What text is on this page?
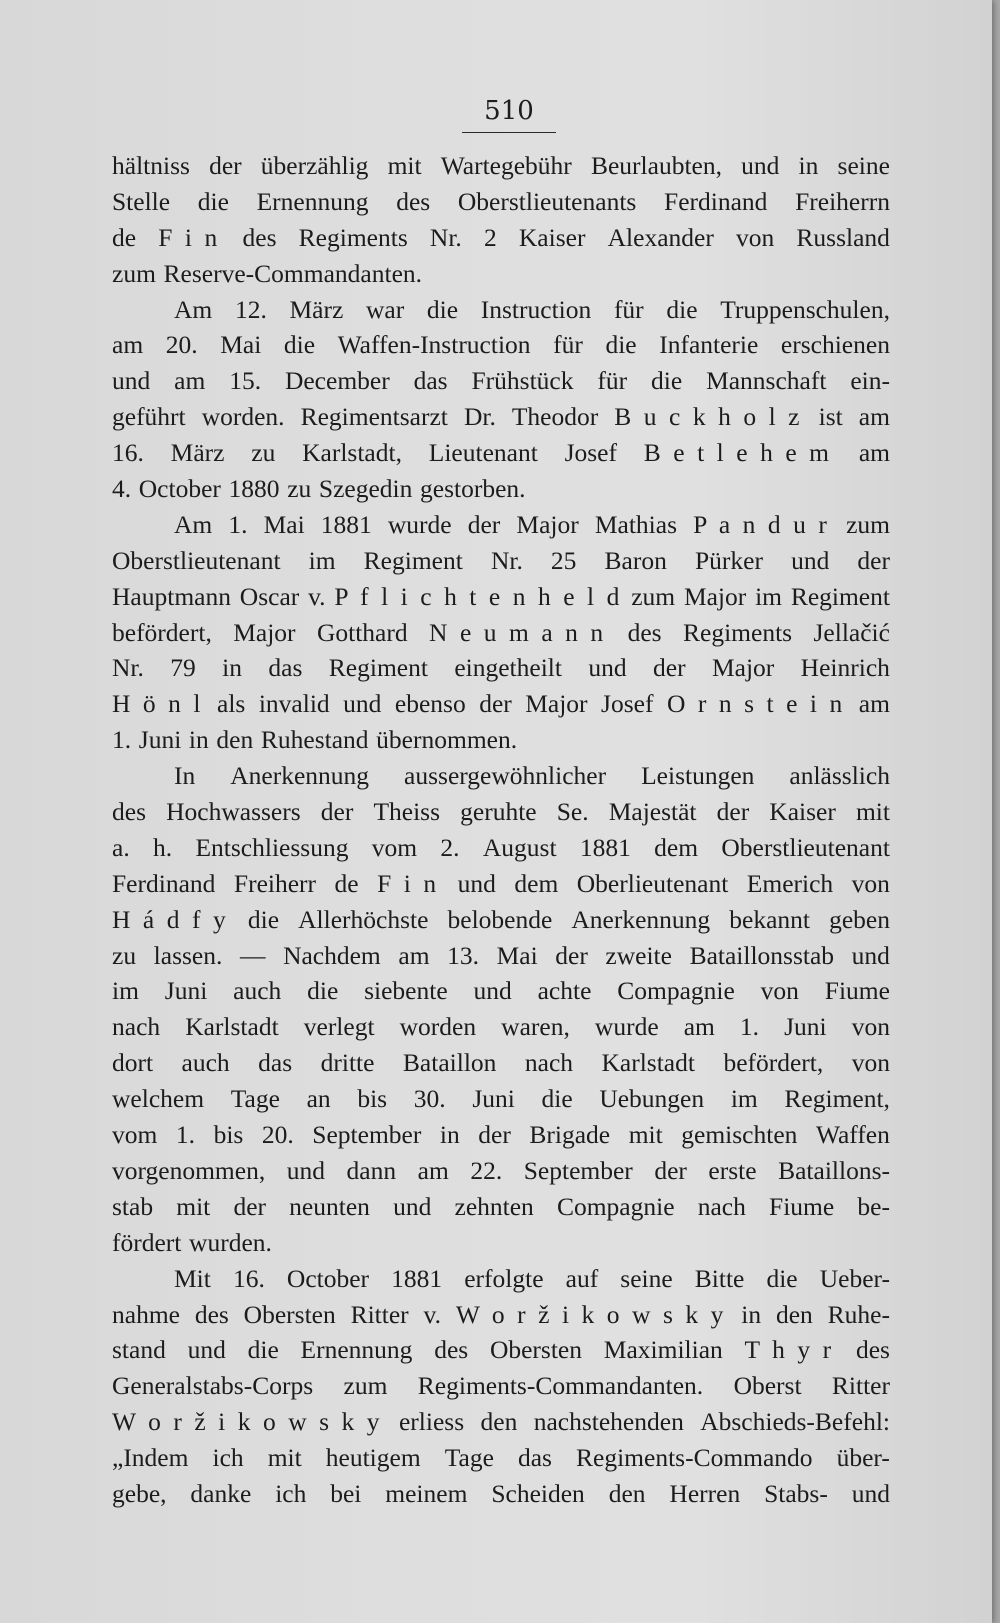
510
hältniss der überzählig mit Wartegebühr Beurlaubten, und in seine
Stelle die Ernennung des Oberstlieutenants Ferdinand Freiherrn
de F i n des Regiments Nr. 2 Kaiser Alexander von Russland
zum Reserve-Commandanten.
Am 12. März war die Instruction für die Truppenschulen,
am 20. Mai die Waffen-Instruction für die Infanterie erschienen
und am 15. December das Frühstück für die Mannschaft ein-
geführt worden. Regimentsarzt Dr. Theodor B u c k h o l z ist am
16. März zu Karlstadt, Lieutenant Josef B e t l e h e m am
4. October 1880 zu Szegedin gestorben.
Am 1. Mai 1881 wurde der Major Mathias P a n d u r zum
Oberstlieutenant im Regiment Nr. 25 Baron Pürker und der
Hauptmann Oscar v. P f l i c h t e n h e l d zum Major im Regiment
befördert, Major Gotthard N e u m a n n des Regiments Jellačić
Nr. 79 in das Regiment eingetheilt und der Major Heinrich
H ö n l als invalid und ebenso der Major Josef O r n s t e i n am
1. Juni in den Ruhestand übernommen.
In Anerkennung aussergewöhnlicher Leistungen anlässlich
des Hochwassers der Theiss geruhte Se. Majestät der Kaiser mit
a. h. Entschliessung vom 2. August 1881 dem Oberstlieutenant
Ferdinand Freiherr de F i n und dem Oberlieutenant Emerich von
H á d f y die Allerhöchste belobende Anerkennung bekannt geben
zu lassen. — Nachdem am 13. Mai der zweite Bataillonsstab und
im Juni auch die siebente und achte Compagnie von Fiume
nach Karlstadt verlegt worden waren, wurde am 1. Juni von
dort auch das dritte Bataillon nach Karlstadt befördert, von
welchem Tage an bis 30. Juni die Uebungen im Regiment,
vom 1. bis 20. September in der Brigade mit gemischten Waffen
vorgenommen, und dann am 22. September der erste Bataillons-
stab mit der neunten und zehnten Compagnie nach Fiume be-
fördert wurden.
Mit 16. October 1881 erfolgte auf seine Bitte die Ueber-
nahme des Obersten Ritter v. W o r ž i k o w s k y in den Ruhe-
stand und die Ernennung des Obersten Maximilian T h y r des
Generalstabs-Corps zum Regiments-Commandanten. Oberst Ritter
W o r ž i k o w s k y erliess den nachstehenden Abschieds-Befehl:
„Indem ich mit heutigem Tage das Regiments-Commando über-
gebe, danke ich bei meinem Scheiden den Herren Stabs- und
